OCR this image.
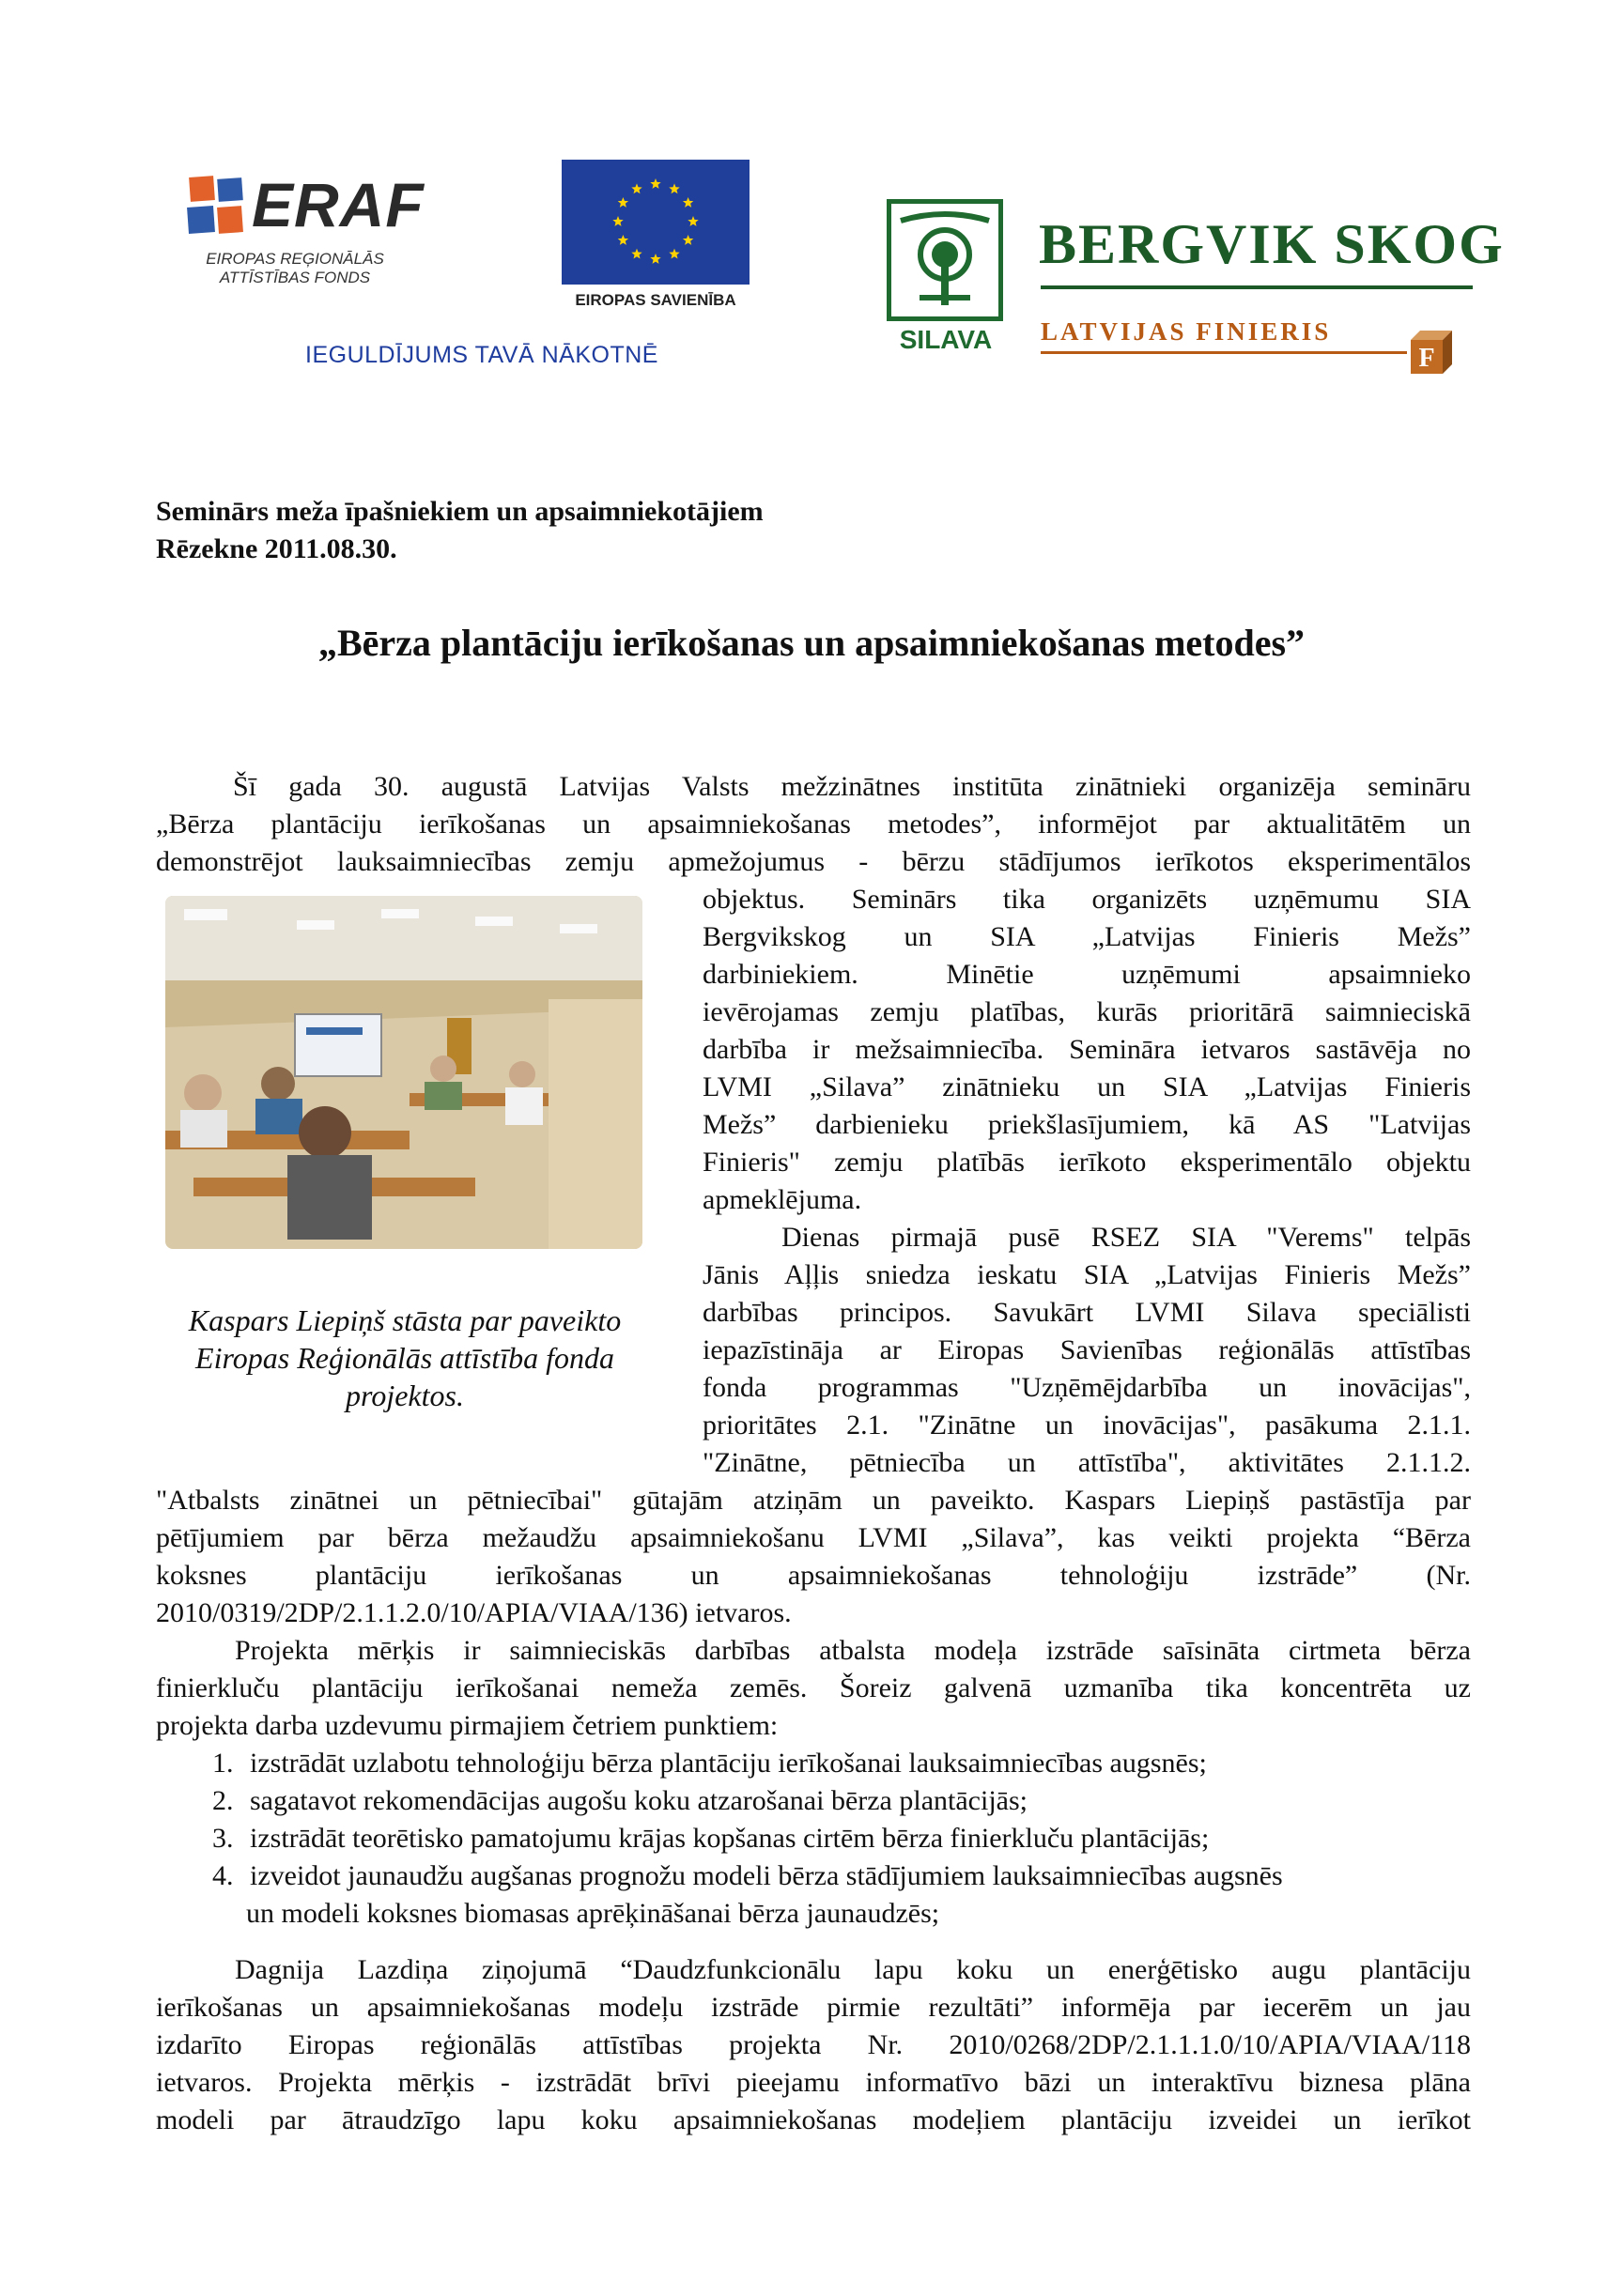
ERAF
EIROPAS REĢIONĀLĀS
ATTĪSTĪBAS FONDS
EIROPAS SAVIENĪBA
IEGULDĪJUMS TAVĀ NĀKOTNĒ
SILAVA
BERGVIK SKOG
LATVIJAS FINIERIS
F
Seminārs meža īpašniekiem un apsaimniekotājiem
Rēzekne 2011.08.30.
„Bērza plantāciju ierīkošanas un apsaimniekošanas metodes”
Kaspars Liepiņš stāsta par paveikto Eiropas Reģionālās attīstība fonda projektos.
Šī gada 30. augustā Latvijas Valsts mežzinātnes institūta zinātnieki organizēja semināru
„Bērza plantāciju ierīkošanas un apsaimniekošanas metodes”, informējot par aktualitātēm un
demonstrējot lauksaimniecības zemju apmežojumus - bērzu stādījumos ierīkotos eksperimentālos
objektus. Seminārs tika organizēts uzņēmumu SIA
Bergvikskog un SIA „Latvijas Finieris Mežs”
darbiniekiem. Minētie uzņēmumi apsaimnieko
ievērojamas zemju platības, kurās prioritārā saimnieciskā
darbība ir mežsaimniecība. Semināra ietvaros sastāvēja no
LVMI „Silava” zinātnieku un SIA „Latvijas Finieris
Mežs” darbienieku priekšlasījumiem, kā AS "Latvijas
Finieris" zemju platībās ierīkoto eksperimentālo objektu
apmeklējuma.
Dienas pirmajā pusē RSEZ SIA "Verems" telpās
Jānis Aļļis sniedza ieskatu SIA „Latvijas Finieris Mežs”
darbības principos. Savukārt LVMI Silava speciālisti
iepazīstināja ar Eiropas Savienības reģionālās attīstības
fonda programmas "Uzņēmējdarbība un inovācijas",
prioritātes 2.1. "Zinātne un inovācijas", pasākuma 2.1.1.
"Zinātne, pētniecība un attīstība", aktivitātes 2.1.1.2.
"Atbalsts zinātnei un pētniecībai" gūtajām atziņām un paveikto. Kaspars Liepiņš pastāstīja par
pētījumiem par bērza mežaudžu apsaimniekošanu LVMI „Silava”, kas veikti projekta “Bērza
koksnes plantāciju ierīkošanas un apsaimniekošanas tehnoloģiju izstrāde” (Nr.
2010/0319/2DP/2.1.1.2.0/10/APIA/VIAA/136) ietvaros.
Projekta mērķis ir saimnieciskās darbības atbalsta modeļa izstrāde saīsināta cirtmeta bērza
finierkluču plantāciju ierīkošanai nemeža zemēs. Šoreiz galvenā uzmanība tika koncentrēta uz
projekta darba uzdevumu pirmajiem četriem punktiem:
1. izstrādāt uzlabotu tehnoloģiju bērza plantāciju ierīkošanai lauksaimniecības augsnēs;
2. sagatavot rekomendācijas augošu koku atzarošanai bērza plantācijās;
3. izstrādāt teorētisko pamatojumu krājas kopšanas cirtēm bērza finierkluču plantācijās;
4. izveidot jaunaudžu augšanas prognožu modeli bērza stādījumiem lauksaimniecības augsnēs
un modeli koksnes biomasas aprēķināšanai bērza jaunaudzēs;
Dagnija Lazdiņa ziņojumā “Daudzfunkcionālu lapu koku un enerģētisko augu plantāciju
ierīkošanas un apsaimniekošanas modeļu izstrāde pirmie rezultāti” informēja par iecerēm un jau
izdarīto Eiropas reģionālās attīstības projekta Nr. 2010/0268/2DP/2.1.1.1.0/10/APIA/VIAA/118
ietvaros. Projekta mērķis - izstrādāt brīvi pieejamu informatīvo bāzi un interaktīvu biznesa plāna
modeli par ātraudzīgo lapu koku apsaimniekošanas modeļiem plantāciju izveidei un ierīkot
